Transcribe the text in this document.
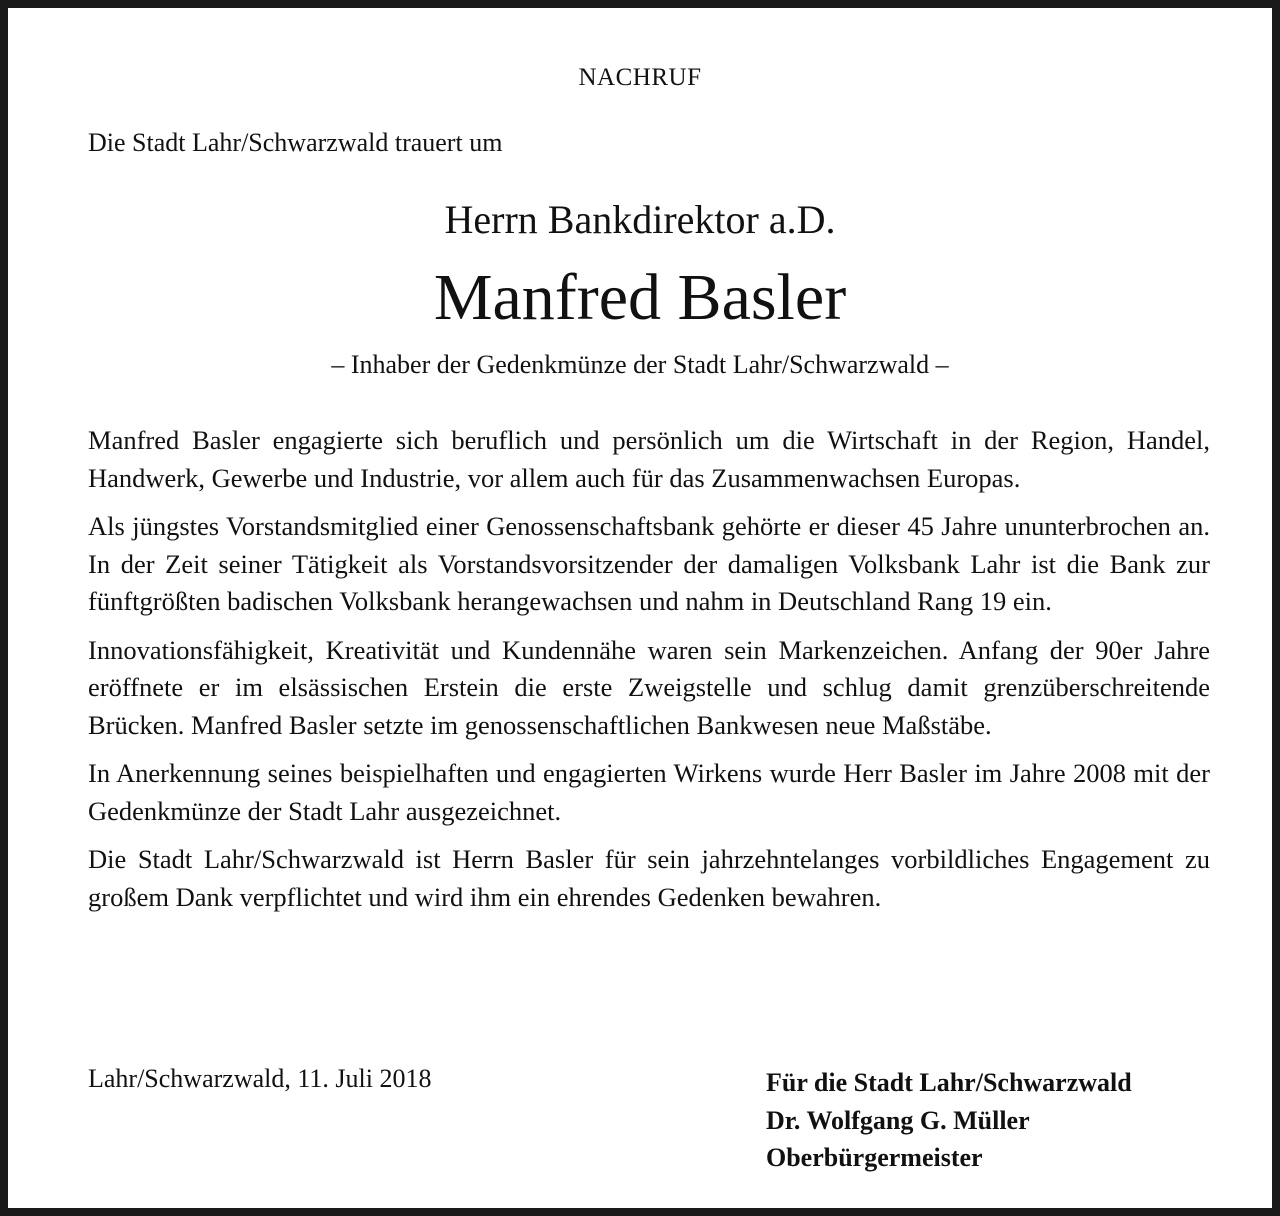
NACHRUF
Die Stadt Lahr/Schwarzwald trauert um
Herrn Bankdirektor a.D.
Manfred Basler
– Inhaber der Gedenkmünze der Stadt Lahr/Schwarzwald –

Manfred Basler engagierte sich beruflich und persönlich um die Wirtschaft in der Region, Handel, Handwerk, Gewerbe und Industrie, vor allem auch für das Zusammenwachsen Europas.

Als jüngstes Vorstandsmitglied einer Genossenschaftsbank gehörte er dieser 45 Jahre ununterbrochen an. In der Zeit seiner Tätigkeit als Vorstandsvorsitzender der damaligen Volksbank Lahr ist die Bank zur fünftgrößten badischen Volksbank herangewachsen und nahm in Deutschland Rang 19 ein.

Innovationsfähigkeit, Kreativität und Kundennähe waren sein Markenzeichen. Anfang der 90er Jahre eröffnete er im elsässischen Erstein die erste Zweigstelle und schlug damit grenzüberschreitende Brücken. Manfred Basler setzte im genossenschaftlichen Bankwesen neue Maßstäbe.

In Anerkennung seines beispielhaften und engagierten Wirkens wurde Herr Basler im Jahre 2008 mit der Gedenkmünze der Stadt Lahr ausgezeichnet.

Die Stadt Lahr/Schwarzwald ist Herrn Basler für sein jahrzehntelanges vorbildliches Engagement zu großem Dank verpflichtet und wird ihm ein ehrendes Gedenken bewahren.

Lahr/Schwarzwald, 11. Juli 2018	Für die Stadt Lahr/Schwarzwald
Dr. Wolfgang G. Müller
Oberbürgermeister
